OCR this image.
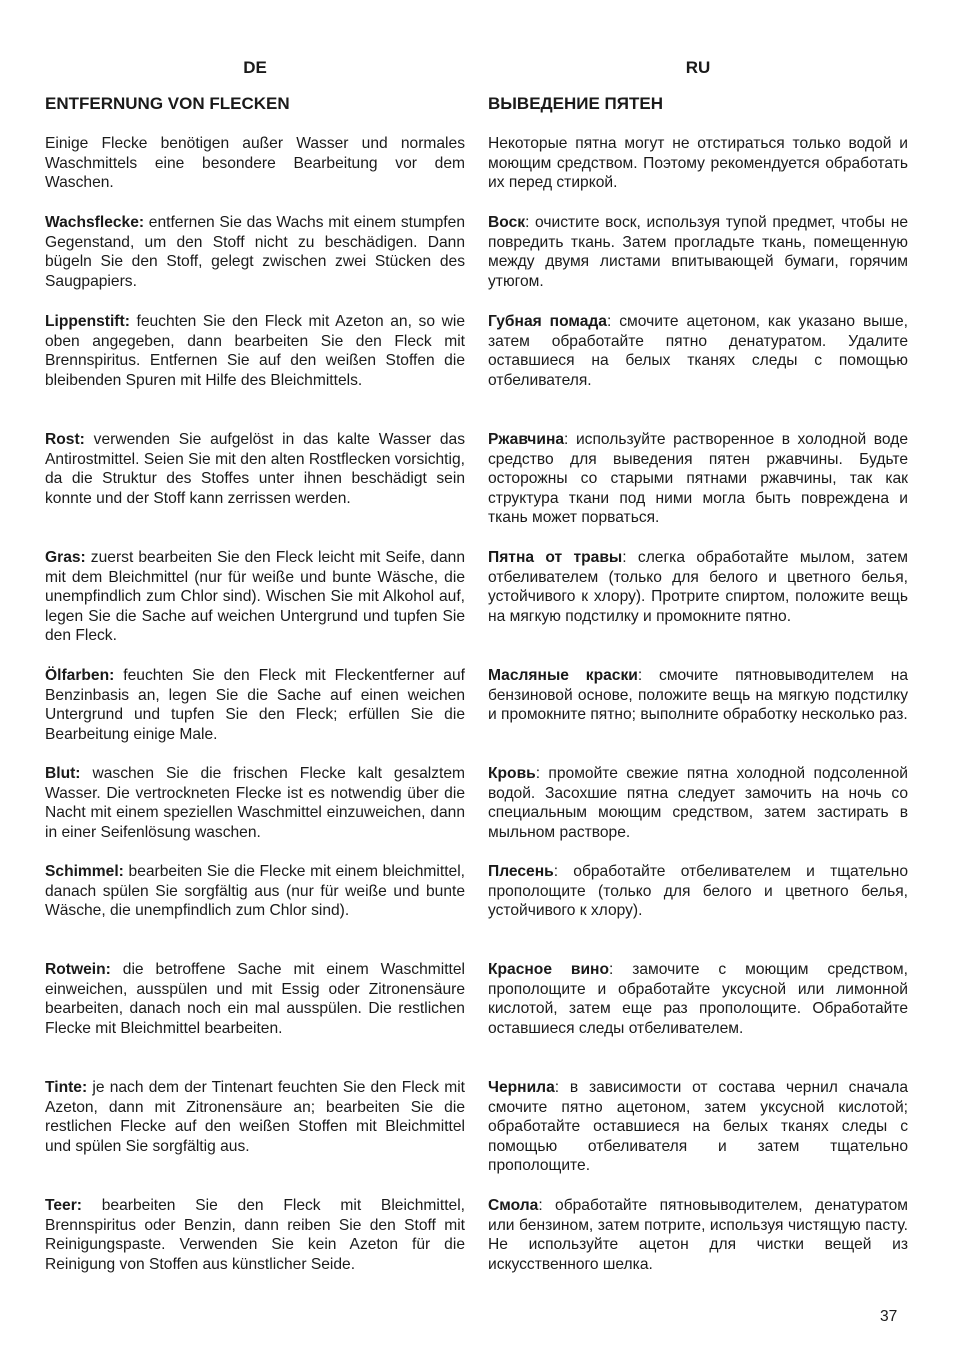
DE
ENTFERNUNG VON FLECKEN

Einige Flecke benötigen außer Wasser und normales Waschmittels eine besondere Bearbeitung vor dem Waschen.

Wachsflecke: entfernen Sie das Wachs mit einem stumpfen Gegenstand, um den Stoff nicht zu beschädigen. Dann bügeln Sie den Stoff, gelegt zwischen zwei Stücken des Saugpapiers.

Lippenstift: feuchten Sie den Fleck mit Azeton an, so wie oben angegeben, dann bearbeiten Sie den Fleck mit Brennspiritus. Entfernen Sie auf den weißen Stoffen die bleibenden Spuren mit Hilfe des Bleichmittels.

Rost: verwenden Sie aufgelöst in das kalte Wasser das Antirostmittel. Seien Sie mit den alten Rostflecken vorsichtig, da die Struktur des Stoffes unter ihnen beschädigt sein konnte und der Stoff kann zerrissen werden.

Gras: zuerst bearbeiten Sie den Fleck leicht mit Seife, dann mit dem Bleichmittel (nur für weiße und bunte Wäsche, die unempfindlich zum Chlor sind). Wischen Sie mit Alkohol auf, legen Sie die Sache auf weichen Untergrund und tupfen Sie den Fleck.

Ölfarben: feuchten Sie den Fleck mit Fleckentferner auf Benzinbasis an, legen Sie die Sache auf einen weichen Untergrund und tupfen Sie den Fleck; erfüllen Sie die Bearbeitung einige Male.

Blut: waschen Sie die frischen Flecke kalt gesalztem Wasser. Die vertrockneten Flecke ist es notwendig über die Nacht mit einem speziellen Waschmittel einzuweichen, dann in einer Seifenlösung waschen.

Schimmel: bearbeiten Sie die Flecke mit einem bleichmittel, danach spülen Sie sorgfältig aus (nur für weiße und bunte Wäsche, die unempfindlich zum Chlor sind).

Rotwein: die betroffene Sache mit einem Waschmittel einweichen, ausspülen und mit Essig oder Zitronensäure bearbeiten, danach noch ein mal ausspülen. Die restlichen Flecke mit Bleichmittel bearbeiten.

Tinte: je nach dem der Tintenart feuchten Sie den Fleck mit Azeton, dann mit Zitronensäure an; bearbeiten Sie die restlichen Flecke auf den weißen Stoffen mit Bleichmittel und spülen Sie sorgfältig aus.

Teer: bearbeiten Sie den Fleck mit Bleichmittel, Brennspiritus oder Benzin, dann reiben Sie den Stoff mit Reinigungspaste. Verwenden Sie kein Azeton für die Reinigung von Stoffen aus künstlicher Seide.

RU
ВЫВЕДЕНИЕ ПЯТЕН

Некоторые пятна могут не отстираться только водой и моющим средством. Поэтому рекомендуется обработать их перед стиркой.

Воск: очистите воск, используя тупой предмет, чтобы не повредить ткань. Затем прогладьте ткань, помещенную между двумя листами впитывающей бумаги, горячим утюгом.

Губная помада: смочите ацетоном, как указано выше, затем обработайте пятно денатуратом. Удалите оставшиеся на белых тканях следы с помощью отбеливателя.

Ржавчина: используйте растворенное в холодной воде средство для выведения пятен ржавчины. Будьте осторожны со старыми пятнами ржавчины, так как структура ткани под ними могла быть повреждена и ткань может порваться.

Пятна от травы: слегка обработайте мылом, затем отбеливателем (только для белого и цветного белья, устойчивого к хлору). Протрите спиртом, положите вещь на мягкую подстилку и промокните пятно.

Масляные краски: смочите пятновыводителем на бензиновой основе, положите вещь на мягкую подстилку и промокните пятно; выполните обработку несколько раз.

Кровь: промойте свежие пятна холодной подсоленной водой. Засохшие пятна следует замочить на ночь со специальным моющим средством, затем застирать в мыльном растворе.

Плесень: обработайте отбеливателем и тщательно прополощите (только для белого и цветного белья, устойчивого к хлору).

Красное вино: замочите с моющим средством, прополощите и обработайте уксусной или лимонной кислотой, затем еще раз прополощите. Обработайте оставшиеся следы отбеливателем.

Чернила: в зависимости от состава чернил сначала смочите пятно ацетоном, затем уксусной кислотой; обработайте оставшиеся на белых тканях следы с помощью отбеливателя и затем тщательно прополощите.

Смола: обработайте пятновыводителем, денатуратом или бензином, затем потрите, используя чистящую пасту. Не используйте ацетон для чистки вещей из искусственного шелка.

37
